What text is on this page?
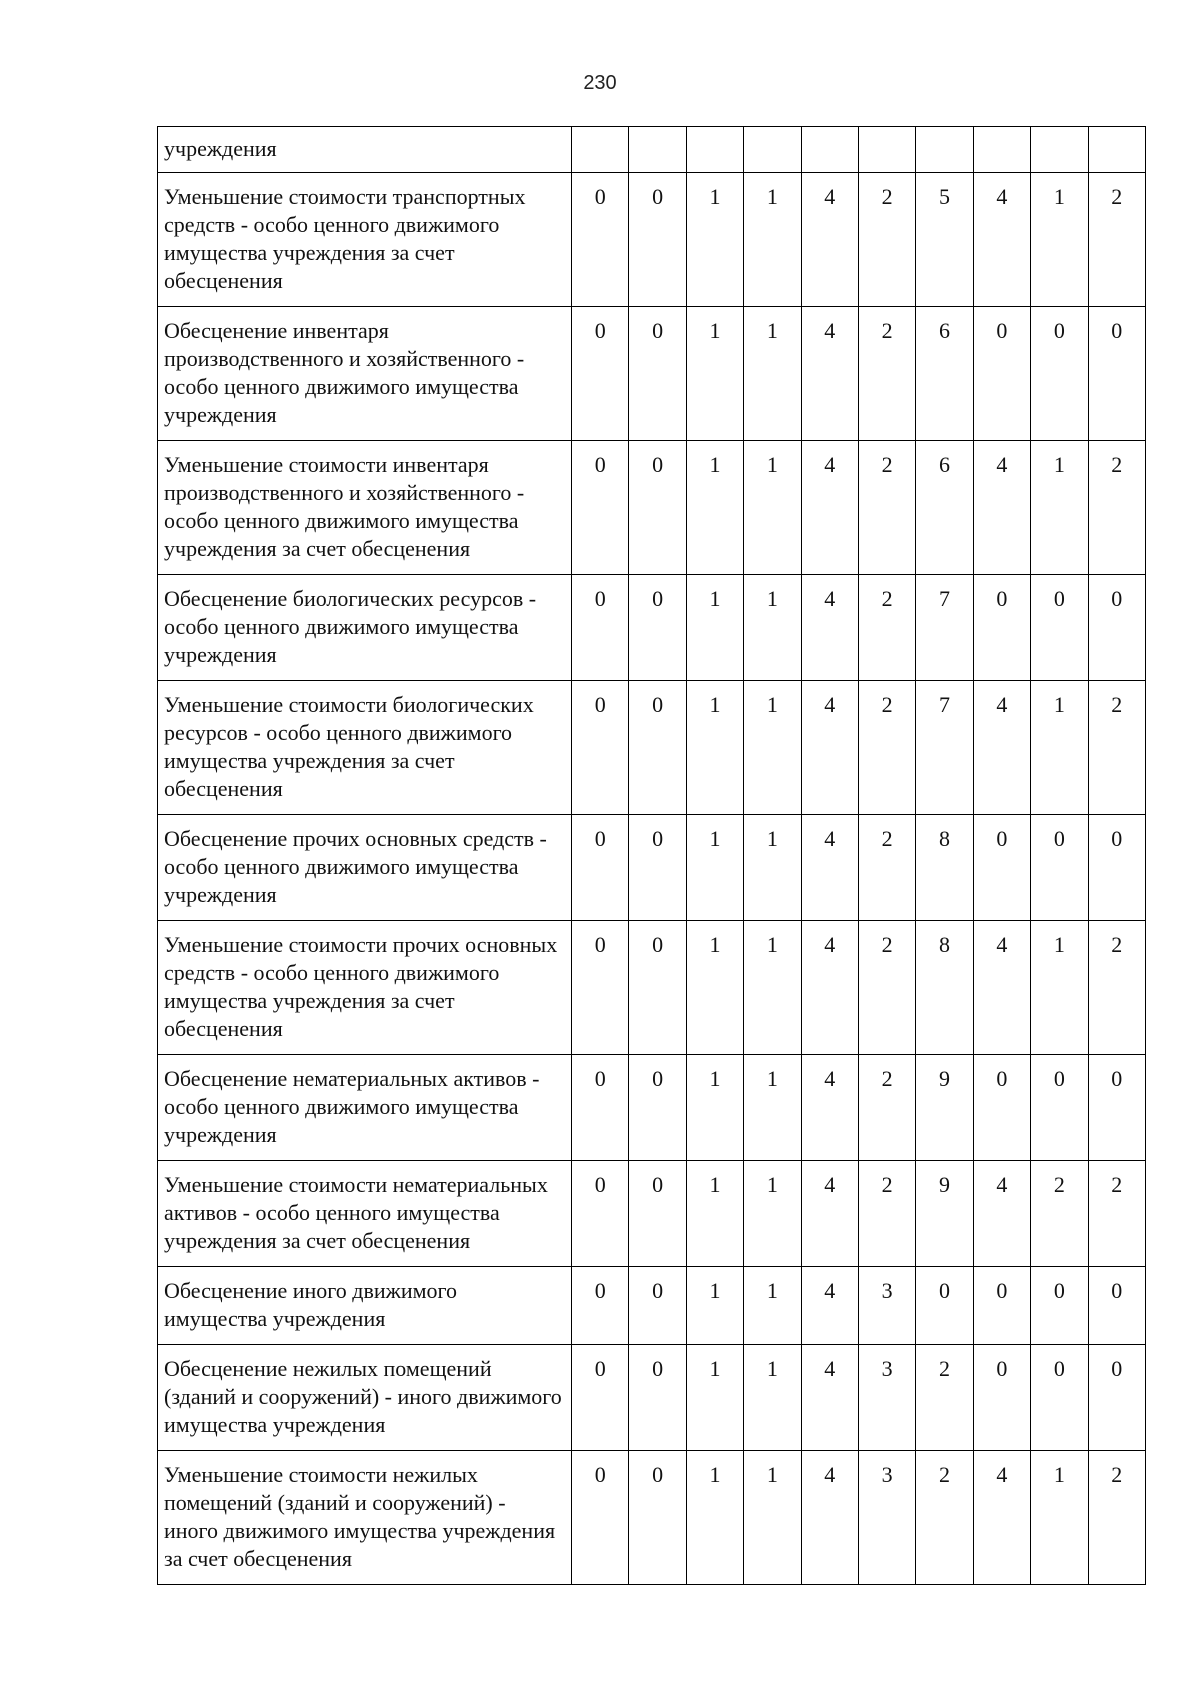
230
учреждения										
Уменьшение стоимости транспортных средств - особо ценного движимого имущества учреждения за счет обесценения	0	0	1	1	4	2	5	4	1	2
Обесценение инвентаря производственного и хозяйственного - особо ценного движимого имущества учреждения	0	0	1	1	4	2	6	0	0	0
Уменьшение стоимости инвентаря производственного и хозяйственного - особо ценного движимого имущества учреждения за счет обесценения	0	0	1	1	4	2	6	4	1	2
Обесценение биологических ресурсов - особо ценного движимого имущества учреждения	0	0	1	1	4	2	7	0	0	0
Уменьшение стоимости биологических ресурсов - особо ценного движимого имущества учреждения за счет обесценения	0	0	1	1	4	2	7	4	1	2
Обесценение прочих основных средств - особо ценного движимого имущества учреждения	0	0	1	1	4	2	8	0	0	0
Уменьшение стоимости прочих основных средств - особо ценного движимого имущества учреждения за счет обесценения	0	0	1	1	4	2	8	4	1	2
Обесценение нематериальных активов - особо ценного движимого имущества учреждения	0	0	1	1	4	2	9	0	0	0
Уменьшение стоимости нематериальных активов - особо ценного имущества учреждения за счет обесценения	0	0	1	1	4	2	9	4	2	2
Обесценение иного движимого имущества учреждения	0	0	1	1	4	3	0	0	0	0
Обесценение нежилых помещений (зданий и сооружений) - иного движимого имущества учреждения	0	0	1	1	4	3	2	0	0	0
Уменьшение стоимости нежилых помещений (зданий и сооружений) - иного движимого имущества учреждения за счет обесценения	0	0	1	1	4	3	2	4	1	2
